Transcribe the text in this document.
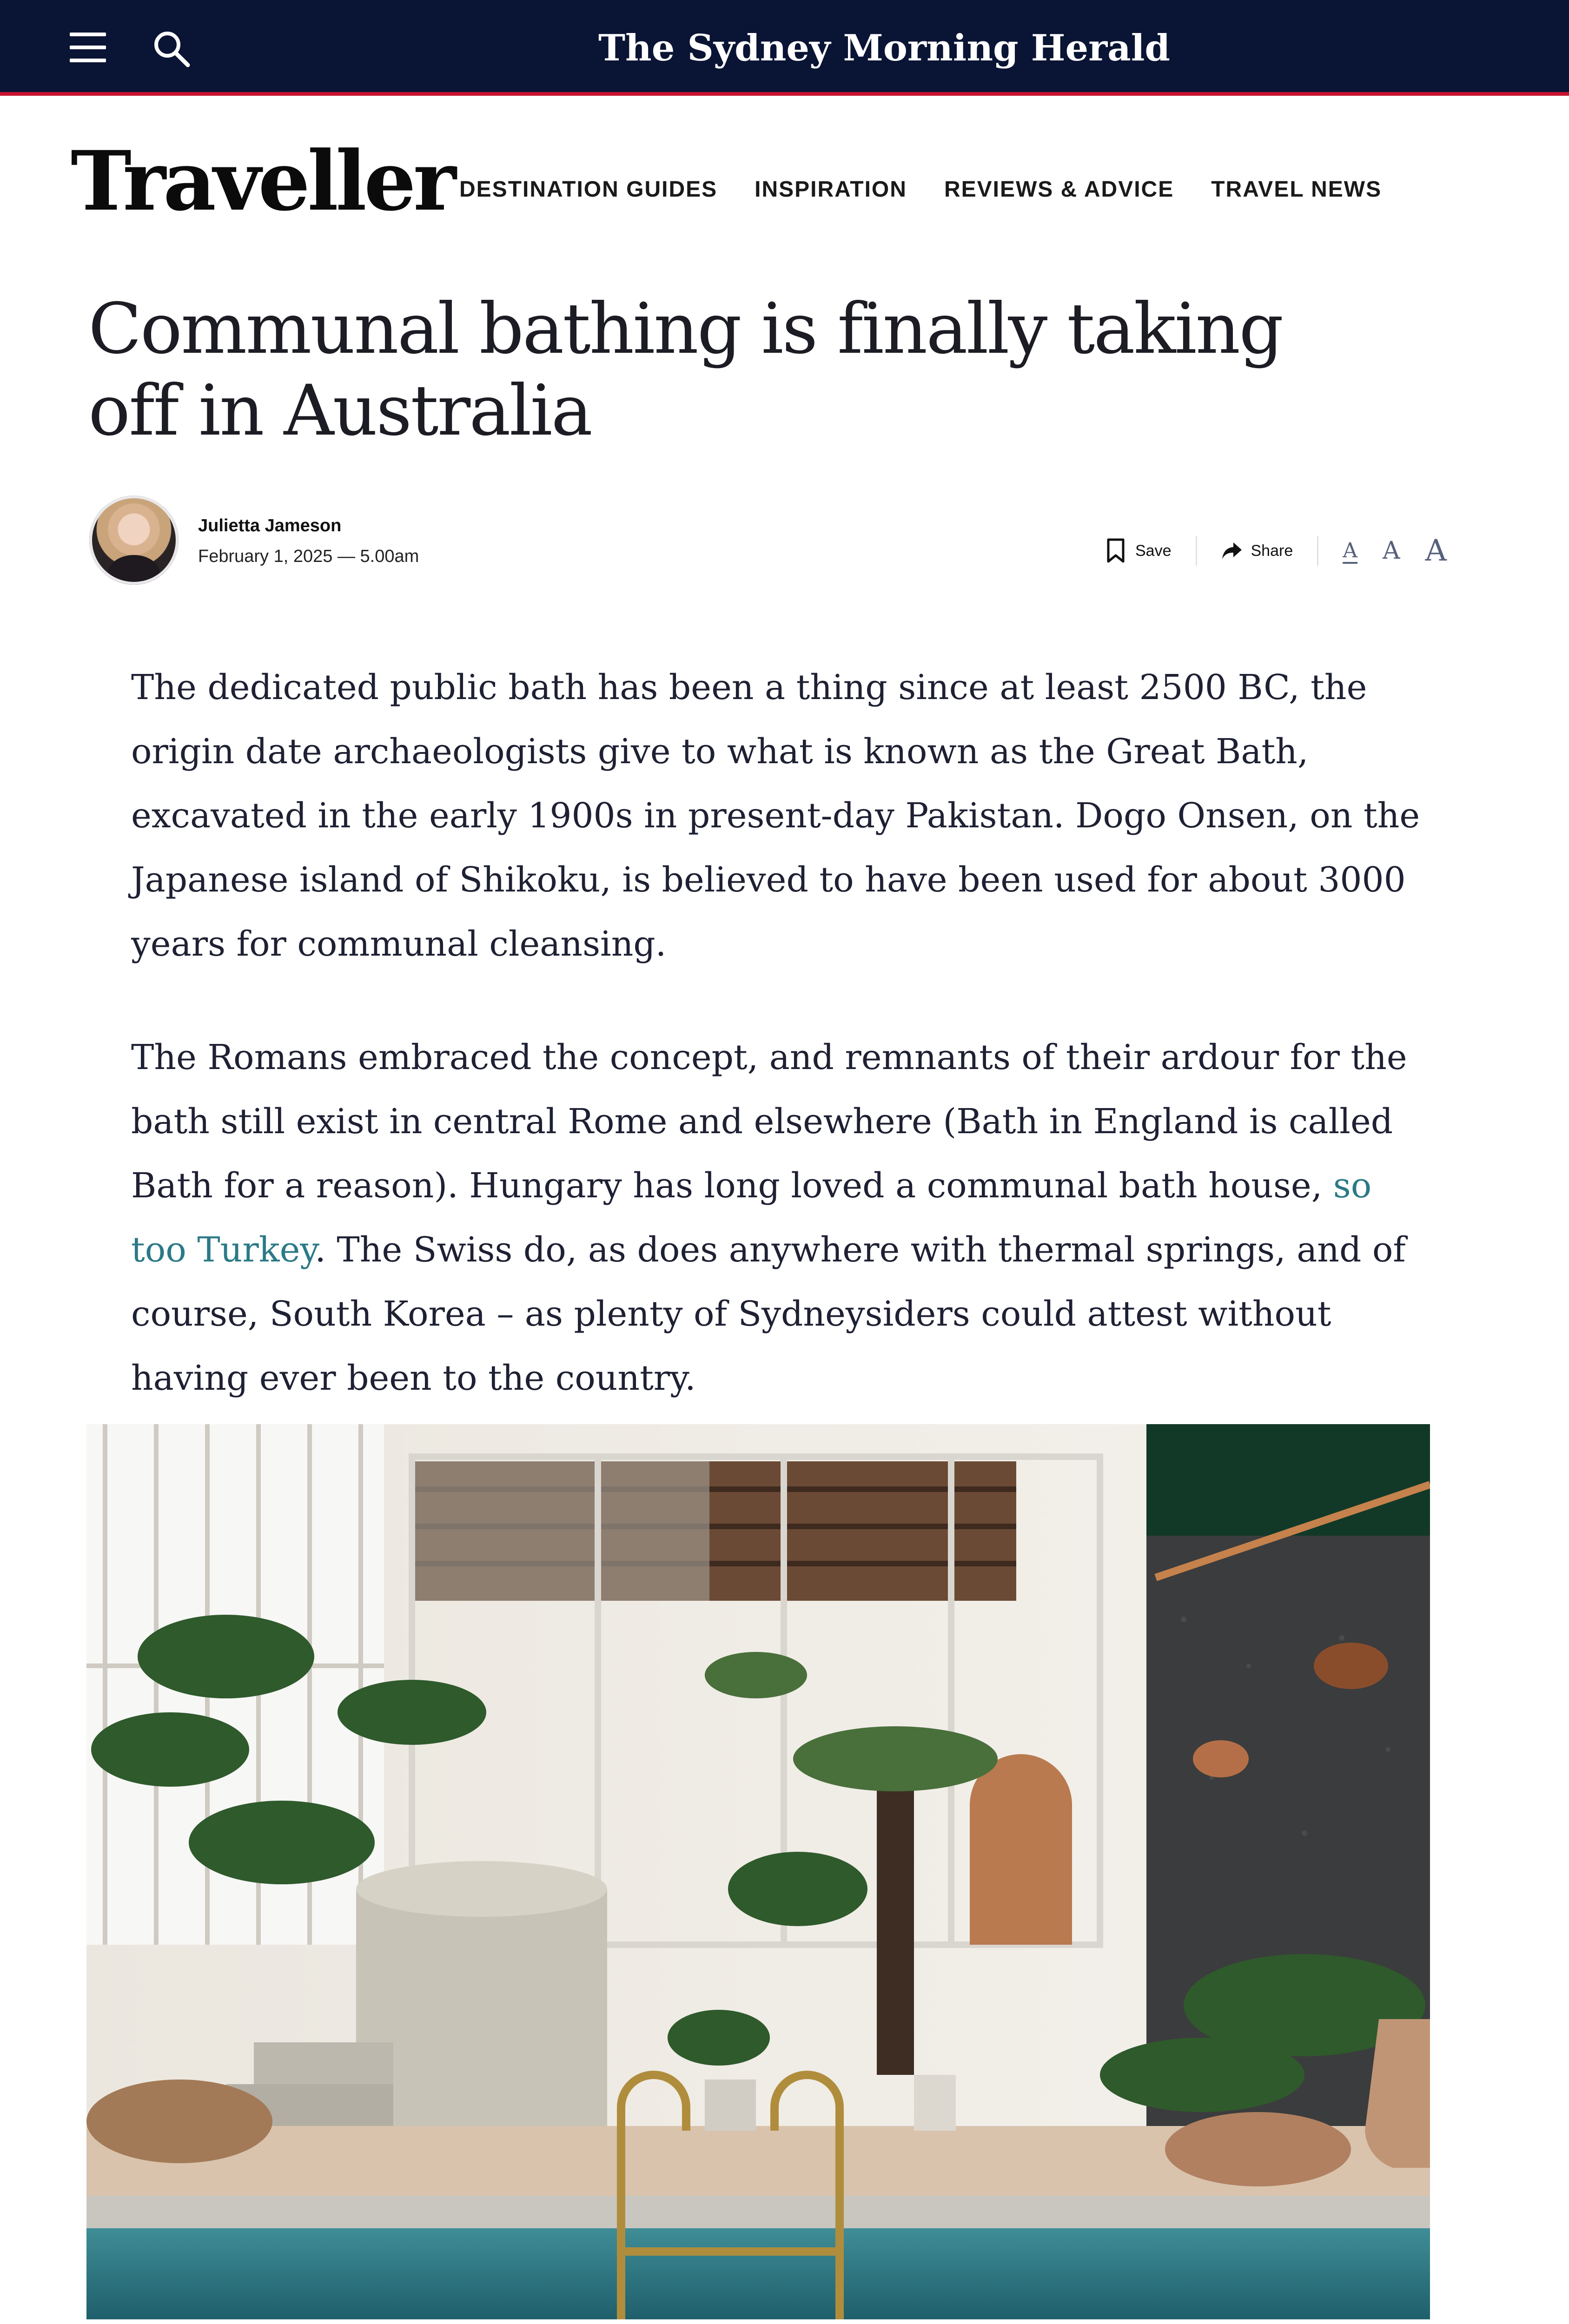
The Sydney Morning Herald
Traveller DESTINATION GUIDES INSPIRATION REVIEWS & ADVICE TRAVEL NEWS
Communal bathing is finally taking off in Australia
Julietta Jameson
February 1, 2025 — 5.00am	Save	Share A A A

The dedicated public bath has been a thing since at least 2500 BC, the origin date archaeologists give to what is known as the Great Bath, excavated in the early 1900s in present-day Pakistan. Dogo Onsen, on the Japanese island of Shikoku, is believed to have been used for about 3000 years for communal cleansing.

The Romans embraced the concept, and remnants of their ardour for the bath still exist in central Rome and elsewhere (Bath in England is called Bath for a reason). Hungary has long loved a communal bath house, so too Turkey. The Swiss do, as does anywhere with thermal springs, and of course, South Korea – as plenty of Sydneysiders could attest without having ever been to the country.
